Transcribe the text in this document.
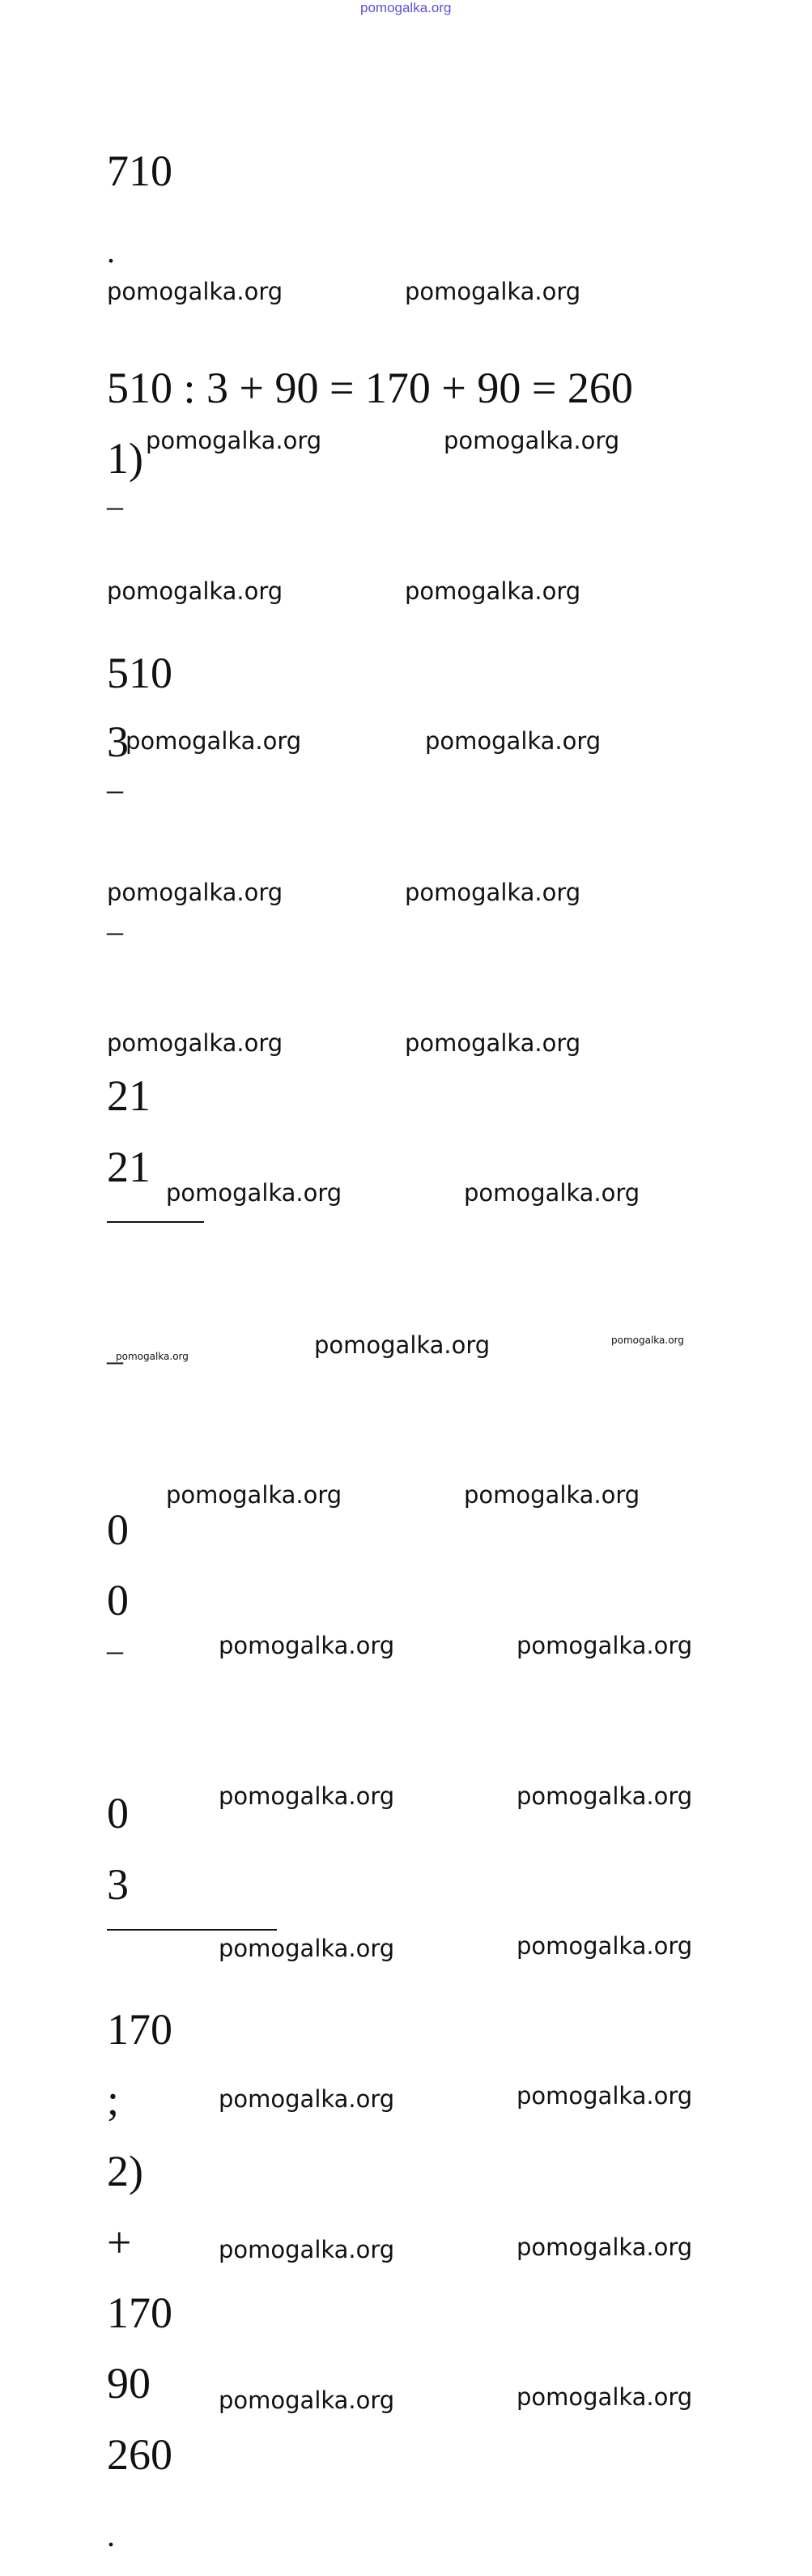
pomogalka.org
710
.
510 : 3 + 90 = 170 + 90 = 260
1)
–
510
3
–
–
21
21
–
0
0
–
0
3
170
;
2)
+
170
90
260
.
pomogalka.org	pomogalka.org
pomogalka.org	pomogalka.org
pomogalka.org	pomogalka.org
pomogalka.org	pomogalka.org
pomogalka.org	pomogalka.org
pomogalka.org	pomogalka.org
pomogalka.org	pomogalka.org
pomogalka.org	pomogalka.org	pomogalka.org
pomogalka.org	pomogalka.org
pomogalka.org	pomogalka.org
pomogalka.org	pomogalka.org
pomogalka.org	pomogalka.org
pomogalka.org	pomogalka.org
pomogalka.org	pomogalka.org
pomogalka.org	pomogalka.org
